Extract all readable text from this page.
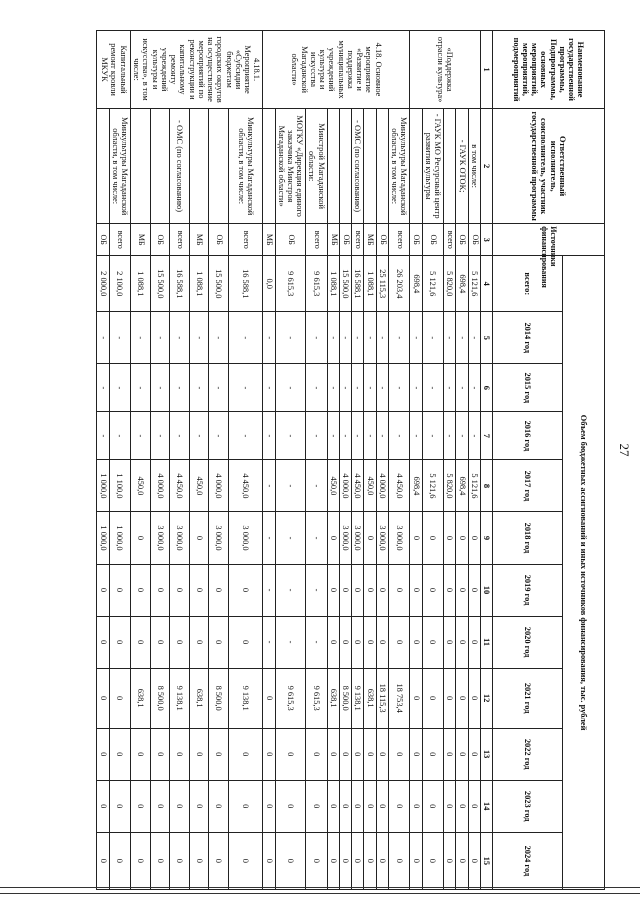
27
Наименование государственной программы, Подпрограммы, основных мероприятий, мероприятий, подмероприятий	Ответственный исполнитель, соисполнитель, участник государственной программы	Источники финансирования	Объем бюджетных ассигнований и иных источников финансирования, тыс. рублей											
			всего:	2014 год	2015 год	2016 год	2017 год	2018 год	2019 год	2020 год	2021 год	2022 год	2023 год	2024 год
1	2	3	4	5	6	7	8	9	10	11	12	13	14	15
«Поддержка отрасли культура»	в том числе:	ОБ	5 121,6	-	-	-	5 121,6	0	0	0	0	0	0	0
	- ГАУК ОТОК;	ОБ	698,4	-	-	-	698,4	0	0	0	0	0	0	0
		всего	5 820,0	-	-	-	5 820,0	0	0	0	0	0	0	0
	- ГАУК МО Ресурсный центр развития культуры	ОБ	5 121,6	-	-	-	5 121,6	0	0	0	0	0	0	0
		ОБ	698,4	-	-	-	698,4	0	0	0	0	0	0	0
4.18. Основное мероприятие «Развитие и поддержка муниципальных учреждений культуры и искусства Магаданской области»	Минкультуры Магаданской области, в том числе:	всего	26 203,4	-	-	-	4 450,0	3 000,0	0	0	18 753,4	0	0	0
		ОБ	25 115,3	-	-	-	4 000,0	3 000,0	0	0	18 115,3	0	0	0
		МБ	1 088,1	-	-	-	450,0	0	0	0	638,1	0	0	0
	- ОМС (по согласованию)	всего	16 588,1	-	-	-	4 450,0	3 000,0	0	0	9 138,1	0	0	0
		ОБ	15 500,0	-	-	-	4 000,0	3 000,0	0	0	8 500,0	0	0	0
		МБ	1 088,1	-	-	-	450,0	0	0	0	638,1	0	0	0
	Минстрой Магаданской области:	всего	9 615,3	-	-	-	-	-	-	-	9 615,3	0	0	0
	МОГКУ «Дирекция единого заказчика Минстроя Магаданской области»	ОБ	9 615,3	-	-	-	-	-	-	-	9 615,3	0	0	0
		МБ	0,0	-	-	-	-	-	-	-	0	0	0	0
4.18.1. Мероприятие «Субсидии бюджетам городских округов на осуществление мероприятий по реконструкции и капитальному ремонту учреждений культуры и искусства», в том числе:	Минкультуры Магаданской области, в том числе:	всего	16 588,1	-	-	-	4 450,0	3 000,0	0	0	9 138,1	0	0	0
		ОБ	15 500,0	-	-	-	4 000,0	3 000,0	0	0	8 500,0	0	0	0
		МБ	1 088,1	-	-	-	450,0	0	0	0	638,1	0	0	0
	- ОМС (по согласованию)	всего	16 588,1	-	-	-	4 450,0	3 000,0	0	0	9 138,1	0	0	0
		ОБ	15 500,0	-	-	-	4 000,0	3 000,0	0	0	8 500,0	0	0	0
		МБ	1 088,1	-	-	-	450,0	0	0	0	638,1	0	0	0
Капитальный ремонт кровли МКУК	Минкультуры Магаданской области, в том числе:	всего	2 100,0	-	-	-	1 100,0	1 000,0	0	0	0	0	0	0
		ОБ	2 000,0	-	-	-	1 000,0	1 000,0	0	0	0	0	0	0
